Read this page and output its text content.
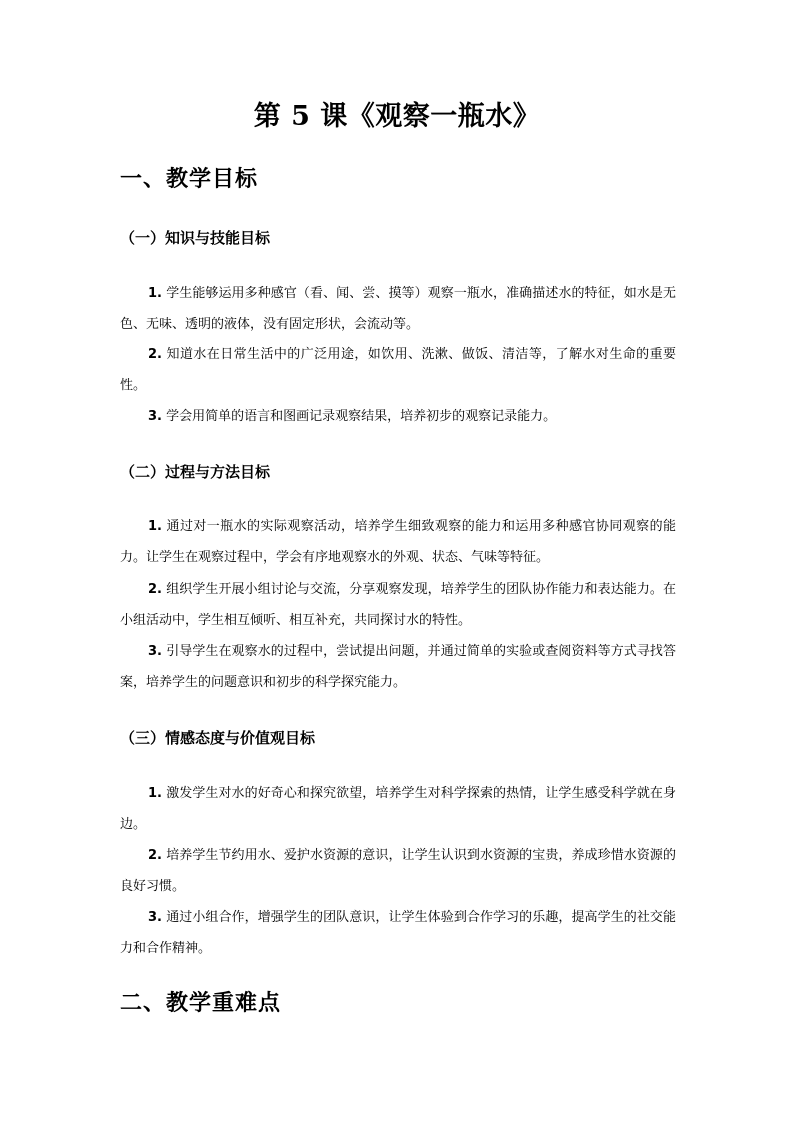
第 5 课《观察一瓶水》
一、教学目标
（一）知识与技能目标
1. 学生能够运用多种感官（看、闻、尝、摸等）观察一瓶水，准确描述水的特征，如水是无色、无味、透明的液体，没有固定形状，会流动等。
2. 知道水在日常生活中的广泛用途，如饮用、洗漱、做饭、清洁等，了解水对生命的重要性。
3. 学会用简单的语言和图画记录观察结果，培养初步的观察记录能力。
（二）过程与方法目标
1. 通过对一瓶水的实际观察活动，培养学生细致观察的能力和运用多种感官协同观察的能力。让学生在观察过程中，学会有序地观察水的外观、状态、气味等特征。
2. 组织学生开展小组讨论与交流，分享观察发现，培养学生的团队协作能力和表达能力。在小组活动中，学生相互倾听、相互补充，共同探讨水的特性。
3. 引导学生在观察水的过程中，尝试提出问题，并通过简单的实验或查阅资料等方式寻找答案，培养学生的问题意识和初步的科学探究能力。
（三）情感态度与价值观目标
1. 激发学生对水的好奇心和探究欲望，培养学生对科学探索的热情，让学生感受科学就在身边。
2. 培养学生节约用水、爱护水资源的意识，让学生认识到水资源的宝贵，养成珍惜水资源的良好习惯。
3. 通过小组合作，增强学生的团队意识，让学生体验到合作学习的乐趣，提高学生的社交能力和合作精神。
二、教学重难点
